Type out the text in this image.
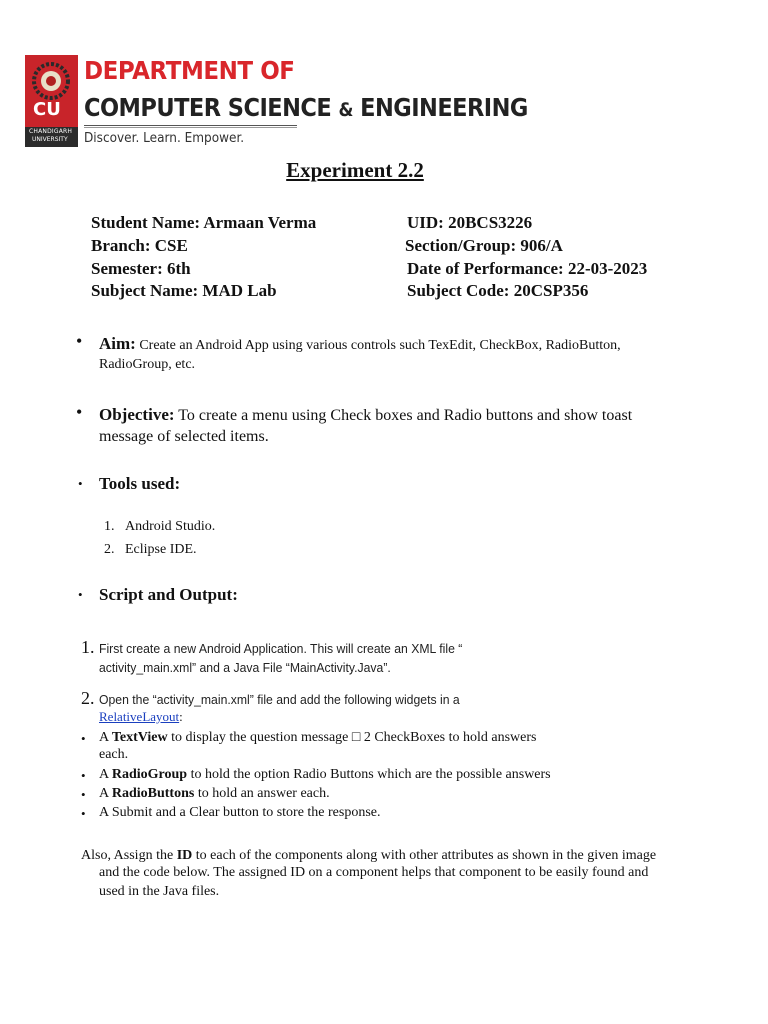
CU
CHANDIGARH
UNIVERSITY
DEPARTMENT OF
COMPUTER SCIENCE & ENGINEERING
Discover. Learn. Empower.
Experiment 2.2
Student Name: Armaan Verma	UID: 20BCS3226
Branch: CSE	Section/Group: 906/A
Semester: 6th	Date of Performance: 22-03-2023
Subject Name: MAD Lab	Subject Code: 20CSP356
• Aim: Create an Android App using various controls such TexEdit, CheckBox, RadioButton,
RadioGroup, etc.
• Objective: To create a menu using Check boxes and Radio buttons and show toast
message of selected items.
• Tools used:
1. Android Studio.
2. Eclipse IDE.
• Script and Output:
1. First create a new Android Application. This will create an XML file “
activity_main.xml” and a Java File “MainActivity.Java”.
2. Open the “activity_main.xml” file and add the following widgets in a
RelativeLayout:
• A TextView to display the question message □ 2 CheckBoxes to hold answers
each.
• A RadioGroup to hold the option Radio Buttons which are the possible answers
• A RadioButtons to hold an answer each.
• A Submit and a Clear button to store the response.
Also, Assign the ID to each of the components along with other attributes as shown in the given image
and the code below. The assigned ID on a component helps that component to be easily found and
used in the Java files.
